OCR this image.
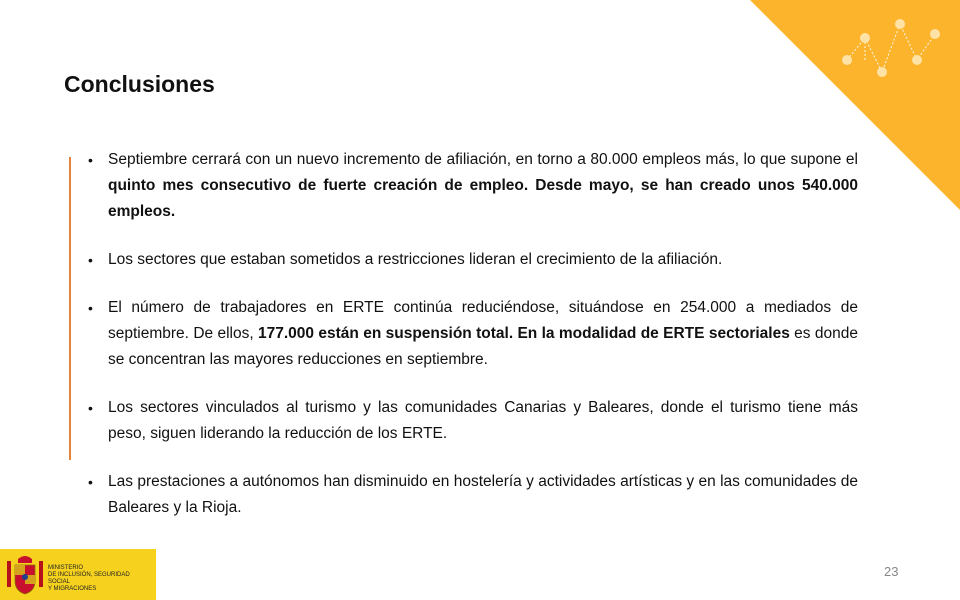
Conclusiones
• Septiembre cerrará con un nuevo incremento de afiliación, en torno a 80.000 empleos más, lo que supone el quinto mes consecutivo de fuerte creación de empleo. Desde mayo, se han creado unos 540.000 empleos.
• Los sectores que estaban sometidos a restricciones lideran el crecimiento de la afiliación.
• El número de trabajadores en ERTE continúa reduciéndose, situándose en 254.000 a mediados de septiembre. De ellos, 177.000 están en suspensión total. En la modalidad de ERTE sectoriales es donde se concentran las mayores reducciones en septiembre.
• Los sectores vinculados al turismo y las comunidades Canarias y Baleares, donde el turismo tiene más peso, siguen liderando la reducción de los ERTE.
• Las prestaciones a autónomos han disminuido en hostelería y actividades artísticas y en las comunidades de Baleares y la Rioja.
MINISTERIO
DE INCLUSIÓN, SEGURIDAD SOCIAL
Y MIGRACIONES
23
